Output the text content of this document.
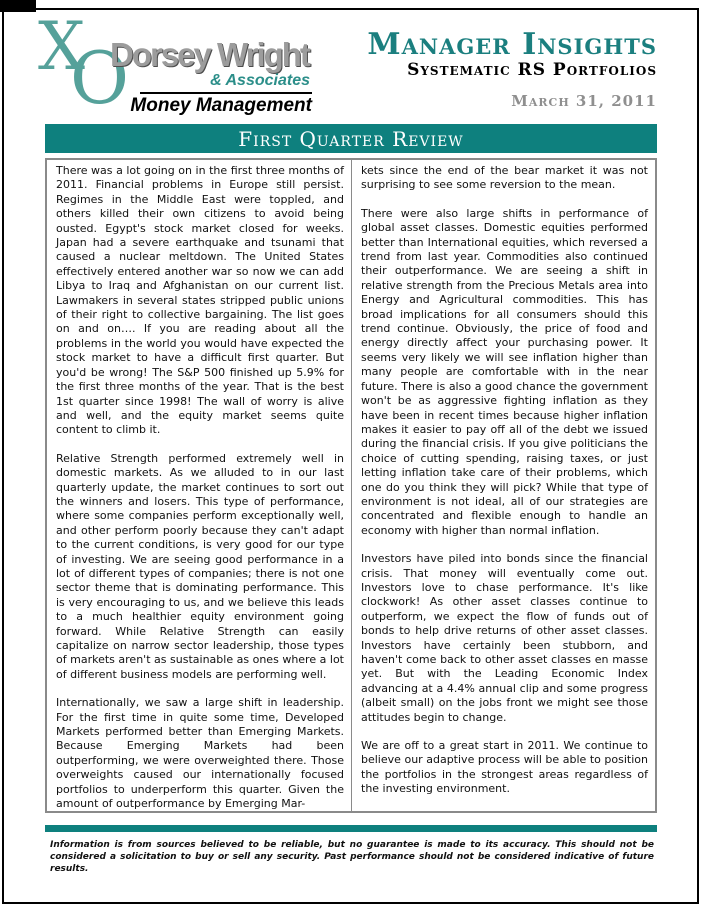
X
O
Dorsey Wright
& Associates
Money Management
Manager Insights
Systematic RS Portfolios
March 31, 2011
First Quarter Review

There was a lot going on in the first three months of 2011. Financial problems in Europe still persist. Regimes in the Middle East were toppled, and others killed their own citizens to avoid being ousted. Egypt's stock market closed for weeks. Japan had a severe earthquake and tsunami that caused a nuclear meltdown. The United States effectively entered another war so now we can add Libya to Iraq and Afghanistan on our current list. Lawmakers in several states stripped public unions of their right to collective bargaining. The list goes on and on…. If you are reading about all the problems in the world you would have expected the stock market to have a difficult first quarter. But you'd be wrong! The S&P 500 finished up 5.9% for the first three months of the year. That is the best 1st quarter since 1998! The wall of worry is alive and well, and the equity market seems quite content to climb it.

Relative Strength performed extremely well in domestic markets. As we alluded to in our last quarterly update, the market continues to sort out the winners and losers. This type of performance, where some companies perform exceptionally well, and other perform poorly because they can't adapt to the current conditions, is very good for our type of investing. We are seeing good performance in a lot of different types of companies; there is not one sector theme that is dominating performance. This is very encouraging to us, and we believe this leads to a much healthier equity environment going forward. While Relative Strength can easily capitalize on narrow sector leadership, those types of markets aren't as sustainable as ones where a lot of different business models are performing well.

Internationally, we saw a large shift in leadership. For the first time in quite some time, Developed Markets performed better than Emerging Markets. Because Emerging Markets had been outperforming, we were overweighted there. Those overweights caused our internationally focused portfolios to underperform this quarter. Given the amount of outperformance by Emerging Mar-

kets since the end of the bear market it was not surprising to see some reversion to the mean.

There were also large shifts in performance of global asset classes. Domestic equities performed better than International equities, which reversed a trend from last year. Commodities also continued their outperformance. We are seeing a shift in relative strength from the Precious Metals area into Energy and Agricultural commodities. This has broad implications for all consumers should this trend continue. Obviously, the price of food and energy directly affect your purchasing power. It seems very likely we will see inflation higher than many people are comfortable with in the near future. There is also a good chance the government won't be as aggressive fighting inflation as they have been in recent times because higher inflation makes it easier to pay off all of the debt we issued during the financial crisis. If you give politicians the choice of cutting spending, raising taxes, or just letting inflation take care of their problems, which one do you think they will pick? While that type of environment is not ideal, all of our strategies are concentrated and flexible enough to handle an economy with higher than normal inflation.

Investors have piled into bonds since the financial crisis. That money will eventually come out. Investors love to chase performance. It's like clockwork! As other asset classes continue to outperform, we expect the flow of funds out of bonds to help drive returns of other asset classes. Investors have certainly been stubborn, and haven't come back to other asset classes en masse yet. But with the Leading Economic Index advancing at a 4.4% annual clip and some progress (albeit small) on the jobs front we might see those attitudes begin to change.

We are off to a great start in 2011. We continue to believe our adaptive process will be able to position the portfolios in the strongest areas regardless of the investing environment.

Information is from sources believed to be reliable, but no guarantee is made to its accuracy. This should not be considered a solicitation to buy or sell any security. Past performance should not be considered indicative of future results.
